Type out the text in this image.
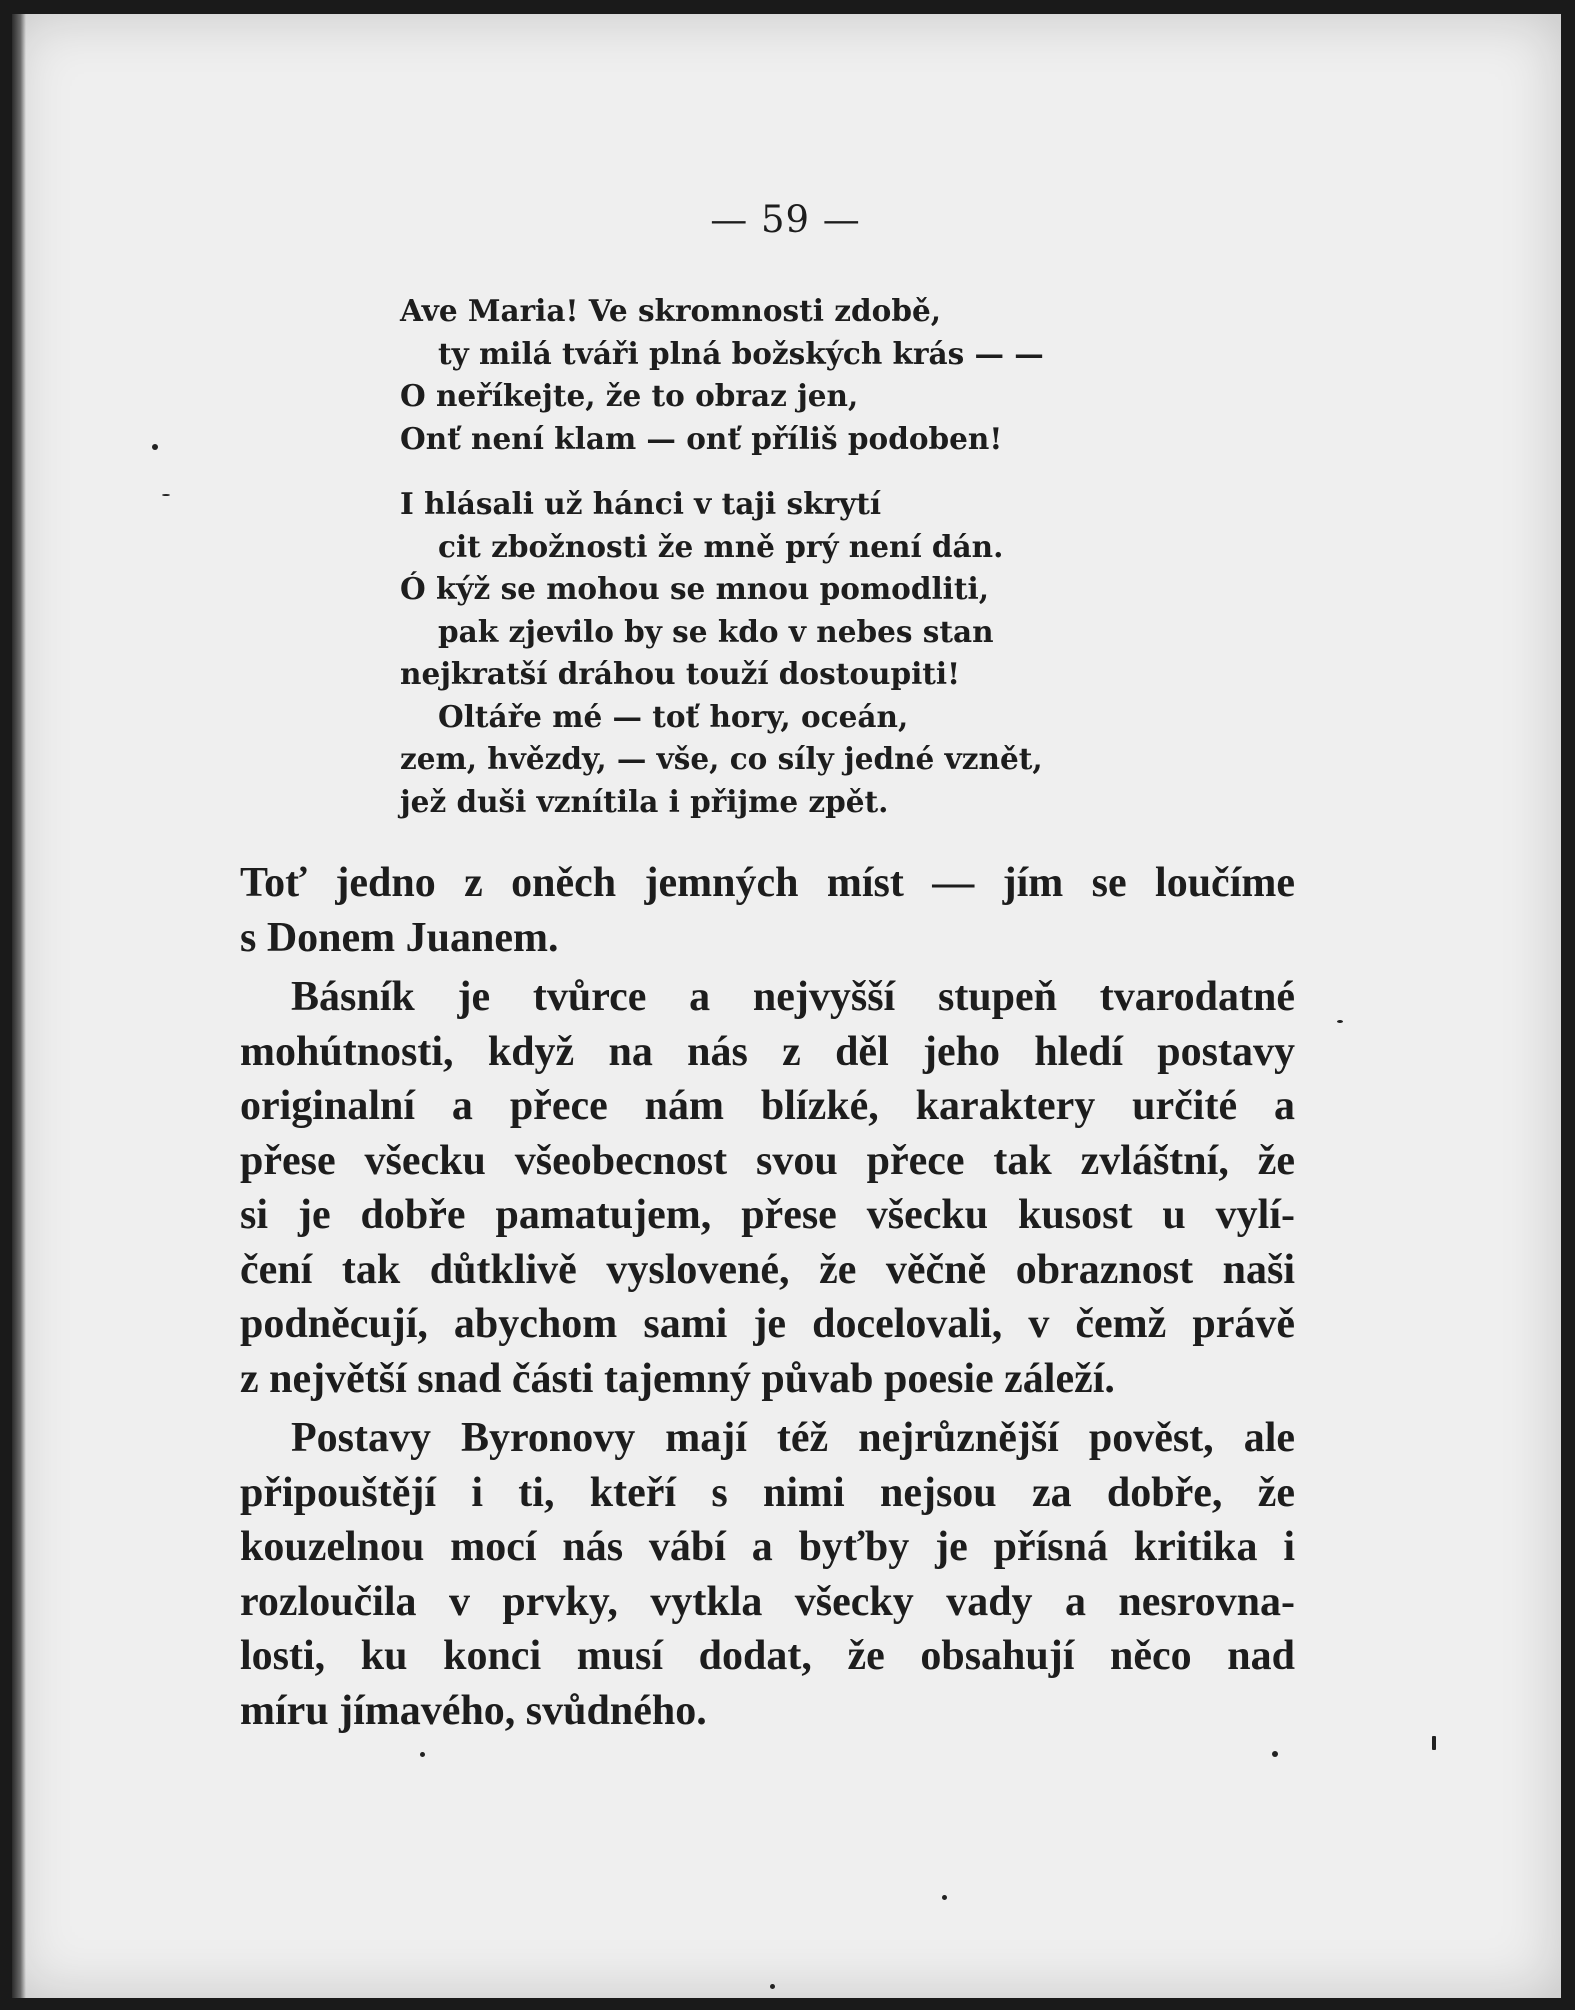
— 59 —
Ave Maria! Ve skromnosti zdobě,
ty milá tváři plná božských krás — —
O neříkejte, že to obraz jen,
Onť není klam — onť příliš podoben!
I hlásali už hánci v taji skrytí
cit zbožnosti že mně prý není dán.
Ó kýž se mohou se mnou pomodliti,
pak zjevilo by se kdo v nebes stan
nejkratší dráhou touží dostoupiti!
Oltáře mé — toť hory, oceán,
zem, hvězdy, — vše, co síly jedné vznět,
jež duši vznítila i přijme zpět.
Toť jedno z oněch jemných míst — jím se loučíme
s Donem Juanem.
Básník je tvůrce a nejvyšší stupeň tvarodatné
mohútnosti, když na nás z děl jeho hledí postavy
originalní a přece nám blízké, karaktery určité a
přese všecku všeobecnost svou přece tak zvláštní, že
si je dobře pamatujem, přese všecku kusost u vylí-
čení tak důtklivě vyslovené, že věčně obraznost naši
podněcují, abychom sami je docelovali, v čemž právě
z největší snad části tajemný půvab poesie záleží.
Postavy Byronovy mají též nejrůznější pověst, ale
připouštějí i ti, kteří s nimi nejsou za dobře, že
kouzelnou mocí nás vábí a byťby je přísná kritika i
rozloučila v prvky, vytkla všecky vady a nesrovna-
losti, ku konci musí dodat, že obsahují něco nad
míru jímavého, svůdného.
